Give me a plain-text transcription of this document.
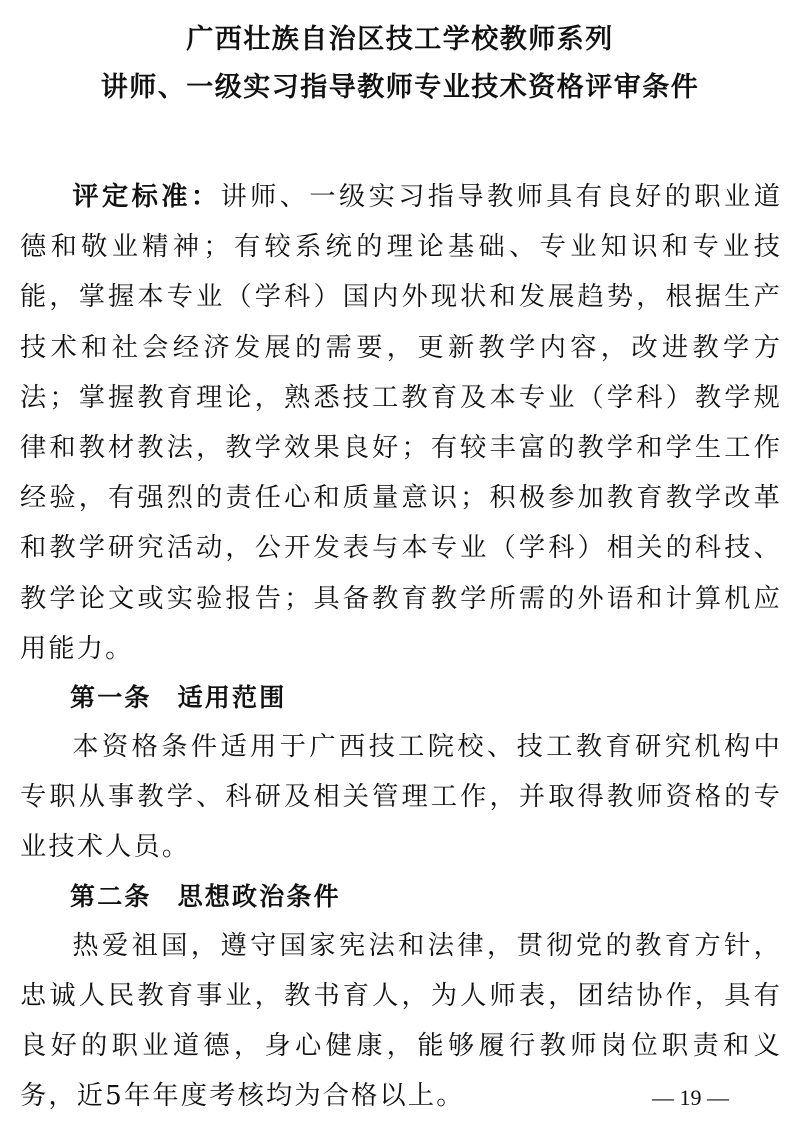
广西壮族自治区技工学校教师系列
讲师、一级实习指导教师专业技术资格评审条件

评定标准：讲师、一级实习指导教师具有良好的职业道德和敬业精神；有较系统的理论基础、专业知识和专业技能，掌握本专业（学科）国内外现状和发展趋势，根据生产技术和社会经济发展的需要，更新教学内容，改进教学方法；掌握教育理论，熟悉技工教育及本专业（学科）教学规律和教材教法，教学效果良好；有较丰富的教学和学生工作经验，有强烈的责任心和质量意识；积极参加教育教学改革和教学研究活动，公开发表与本专业（学科）相关的科技、教学论文或实验报告；具备教育教学所需的外语和计算机应用能力。

第一条 适用范围

本资格条件适用于广西技工院校、技工教育研究机构中专职从事教学、科研及相关管理工作，并取得教师资格的专业技术人员。

第二条 思想政治条件

热爱祖国，遵守国家宪法和法律，贯彻党的教育方针，忠诚人民教育事业，教书育人，为人师表，团结协作，具有良好的职业道德，身心健康，能够履行教师岗位职责和义务，近5年年度考核均为合格以上。	— 19 —
